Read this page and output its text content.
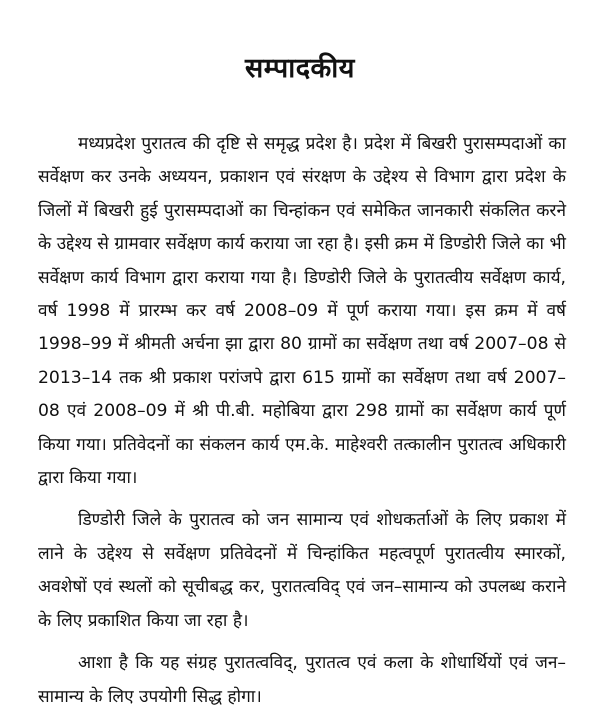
सम्पादकीय

मध्यप्रदेश पुरातत्व की दृष्टि से समृद्ध प्रदेश है। प्रदेश में बिखरी पुरासम्पदाओं का सर्वेक्षण कर उनके अध्ययन, प्रकाशन एवं संरक्षण के उद्देश्य से विभाग द्वारा प्रदेश के जिलों में बिखरी हुई पुरासम्पदाओं का चिन्हांकन एवं समेकित जानकारी संकलित करने के उद्देश्य से ग्रामवार सर्वेक्षण कार्य कराया जा रहा है। इसी क्रम में डिण्डोरी जिले का भी सर्वेक्षण कार्य विभाग द्वारा कराया गया है। डिण्डोरी जिले के पुरातत्वीय सर्वेक्षण कार्य, वर्ष 1998 में प्रारम्भ कर वर्ष 2008–09 में पूर्ण कराया गया। इस क्रम में वर्ष 1998–99 में श्रीमती अर्चना झा द्वारा 80 ग्रामों का सर्वेक्षण तथा वर्ष 2007–08 से 2013–14 तक श्री प्रकाश परांजपे द्वारा 615 ग्रामों का सर्वेक्षण तथा वर्ष 2007–08 एवं 2008–09 में श्री पी.बी. महोबिया द्वारा 298 ग्रामों का सर्वेक्षण कार्य पूर्ण किया गया। प्रतिवेदनों का संकलन कार्य एम.के. माहेश्वरी तत्कालीन पुरातत्व अधिकारी द्वारा किया गया।

डिण्डोरी जिले के पुरातत्व को जन सामान्य एवं शोधकर्ताओं के लिए प्रकाश में लाने के उद्देश्य से सर्वेक्षण प्रतिवेदनों में चिन्हांकित महत्वपूर्ण पुरातत्वीय स्मारकों, अवशेषों एवं स्थलों को सूचीबद्ध कर, पुरातत्वविद् एवं जन–सामान्य को उपलब्ध कराने के लिए प्रकाशित किया जा रहा है।

आशा है कि यह संग्रह पुरातत्वविद्, पुरातत्व एवं कला के शोधार्थियों एवं जन–सामान्य के लिए उपयोगी सिद्ध होगा।
